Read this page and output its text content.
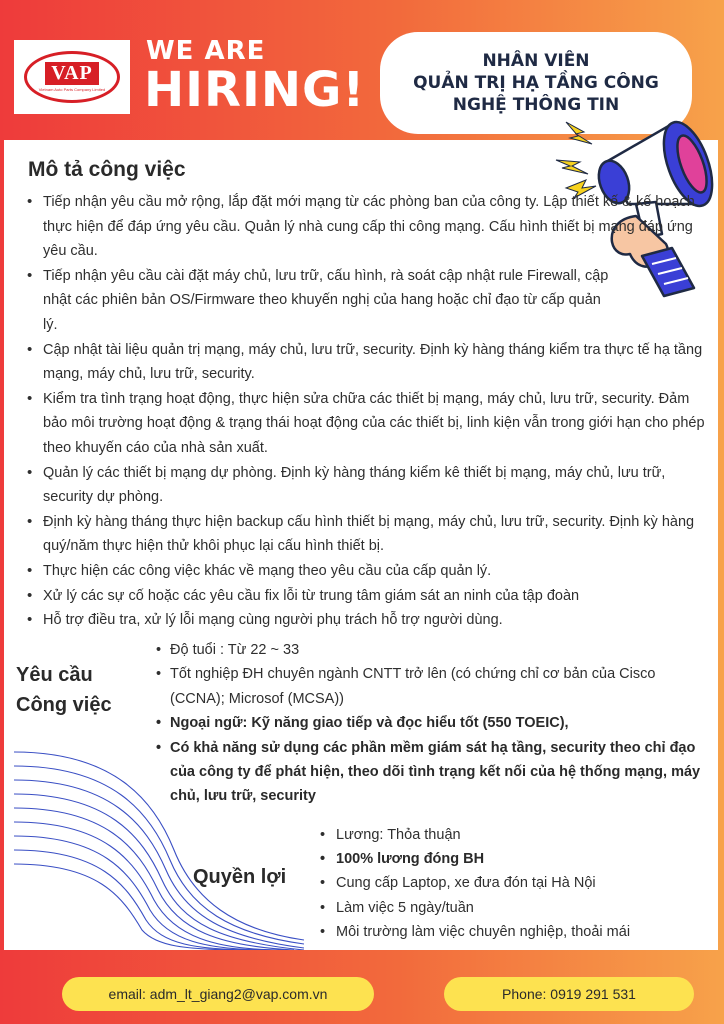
VAP
Vietnam Auto Parts Company Limited
WE ARE
HIRING!
NHÂN VIÊN
QUẢN TRỊ HẠ TẦNG CÔNG
NGHỆ THÔNG TIN
Mô tả công việc
• Tiếp nhận yêu cầu mở rộng, lắp đặt mới mạng từ các phòng ban của công ty. Lập thiết kế & kế hoạch thực hiện để đáp ứng yêu cầu. Quản lý nhà cung cấp thi công mạng. Cấu hình thiết bị mạng đáp ứng yêu cầu.
• Tiếp nhận yêu cầu cài đặt máy chủ, lưu trữ, cấu hình, rà soát cập nhật rule Firewall, cập nhật các phiên bản OS/Firmware theo khuyến nghị của hang hoặc chỉ đạo từ cấp quản lý.
• Cập nhật tài liệu quản trị mạng, máy chủ, lưu trữ, security. Định kỳ hàng tháng kiểm tra thực tế hạ tầng mạng, máy chủ, lưu trữ, security.
• Kiểm tra tình trạng hoạt động, thực hiện sửa chữa các thiết bị mạng, máy chủ, lưu trữ, security. Đảm bảo môi trường hoạt động & trạng thái hoạt động của các thiết bị, linh kiện vẫn trong giới hạn cho phép theo khuyến cáo của nhà sản xuất.
• Quản lý các thiết bị mạng dự phòng. Định kỳ hàng tháng kiểm kê thiết bị mạng, máy chủ, lưu trữ, security dự phòng.
• Định kỳ hàng tháng thực hiện backup cấu hình thiết bị mạng, máy chủ, lưu trữ, security. Định kỳ hàng quý/năm thực hiện thử khôi phục lại cấu hình thiết bị.
• Thực hiện các công việc khác về mạng theo yêu cầu của cấp quản lý.
• Xử lý các sự cố hoặc các yêu cầu fix lỗi từ trung tâm giám sát an ninh của tập đoàn
• Hỗ trợ điều tra, xử lý lỗi mạng cùng người phụ trách hỗ trợ người dùng.
Yêu cầu
Công việc
• Độ tuổi : Từ 22 ~ 33
• Tốt nghiệp ĐH chuyên ngành CNTT trở lên (có chứng chỉ cơ bản của Cisco (CCNA); Microsof (MCSA))
• Ngoại ngữ: Kỹ năng giao tiếp và đọc hiểu tốt (550 TOEIC),
• Có khả năng sử dụng các phần mềm giám sát hạ tầng, security theo chỉ đạo của công ty để phát hiện, theo dõi tình trạng kết nối của hệ thống mạng, máy chủ, lưu trữ, security
Quyền lợi
• Lương: Thỏa thuận
• 100% lương đóng BH
• Cung cấp Laptop, xe đưa đón tại Hà Nội
• Làm việc 5 ngày/tuần
• Môi trường làm việc chuyên nghiệp, thoải mái
email: adm_lt_giang2@vap.com.vn	Phone: 0919 291 531
